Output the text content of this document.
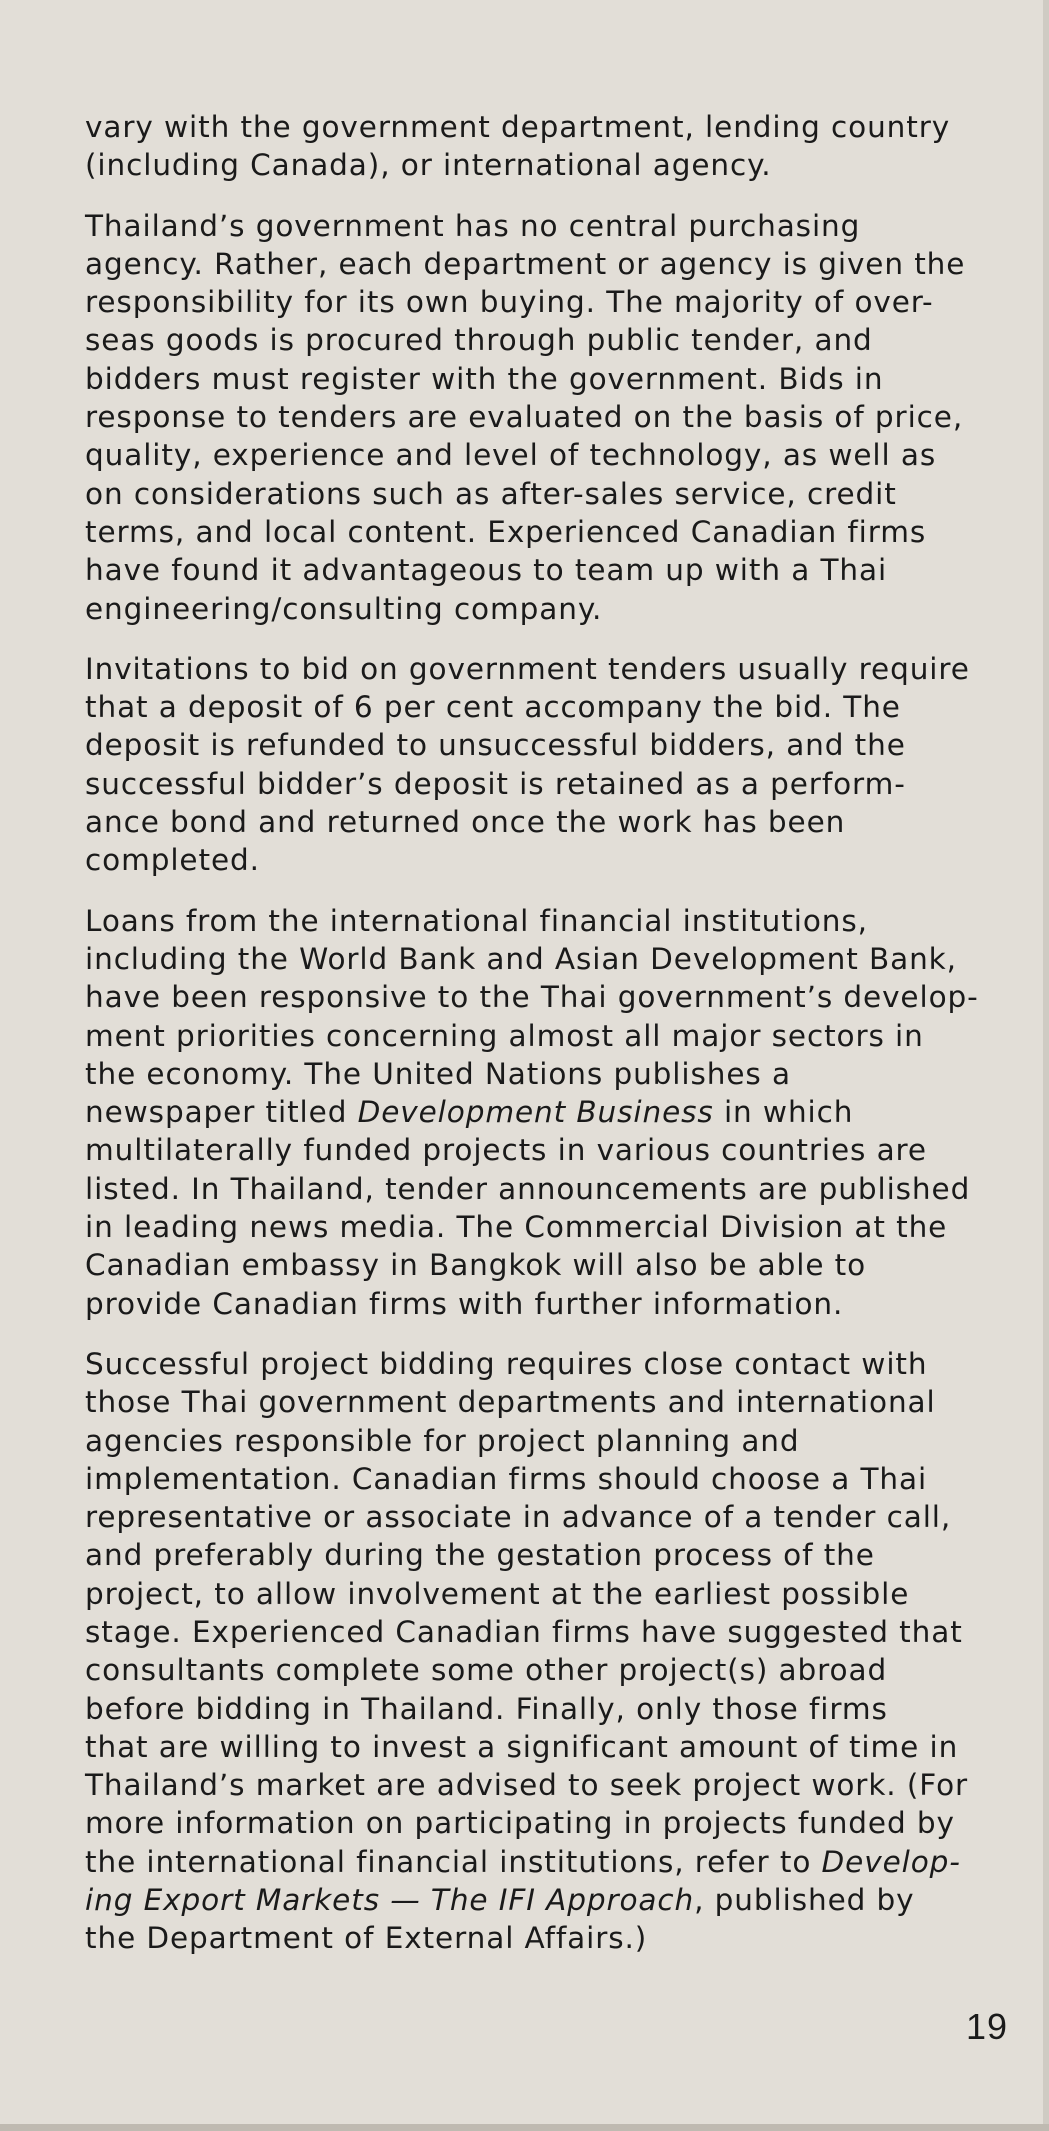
vary with the government department, lending country
(including Canada), or international agency.

Thailand’s government has no central purchasing
agency. Rather, each department or agency is given the
responsibility for its own buying. The majority of over-
seas goods is procured through public tender, and
bidders must register with the government. Bids in
response to tenders are evaluated on the basis of price,
quality, experience and level of technology, as well as
on considerations such as after-sales service, credit
terms, and local content. Experienced Canadian firms
have found it advantageous to team up with a Thai
engineering/consulting company.

Invitations to bid on government tenders usually require
that a deposit of 6 per cent accompany the bid. The
deposit is refunded to unsuccessful bidders, and the
successful bidder’s deposit is retained as a perform-
ance bond and returned once the work has been
completed.

Loans from the international financial institutions,
including the World Bank and Asian Development Bank,
have been responsive to the Thai government’s develop-
ment priorities concerning almost all major sectors in
the economy. The United Nations publishes a
newspaper titled Development Business in which
multilaterally funded projects in various countries are
listed. In Thailand, tender announcements are published
in leading news media. The Commercial Division at the
Canadian embassy in Bangkok will also be able to
provide Canadian firms with further information.

Successful project bidding requires close contact with
those Thai government departments and international
agencies responsible for project planning and
implementation. Canadian firms should choose a Thai
representative or associate in advance of a tender call,
and preferably during the gestation process of the
project, to allow involvement at the earliest possible
stage. Experienced Canadian firms have suggested that
consultants complete some other project(s) abroad
before bidding in Thailand. Finally, only those firms
that are willing to invest a significant amount of time in
Thailand’s market are advised to seek project work. (For
more information on participating in projects funded by
the international financial institutions, refer to Develop-
ing Export Markets — The IFI Approach, published by
the Department of External Affairs.)

19
